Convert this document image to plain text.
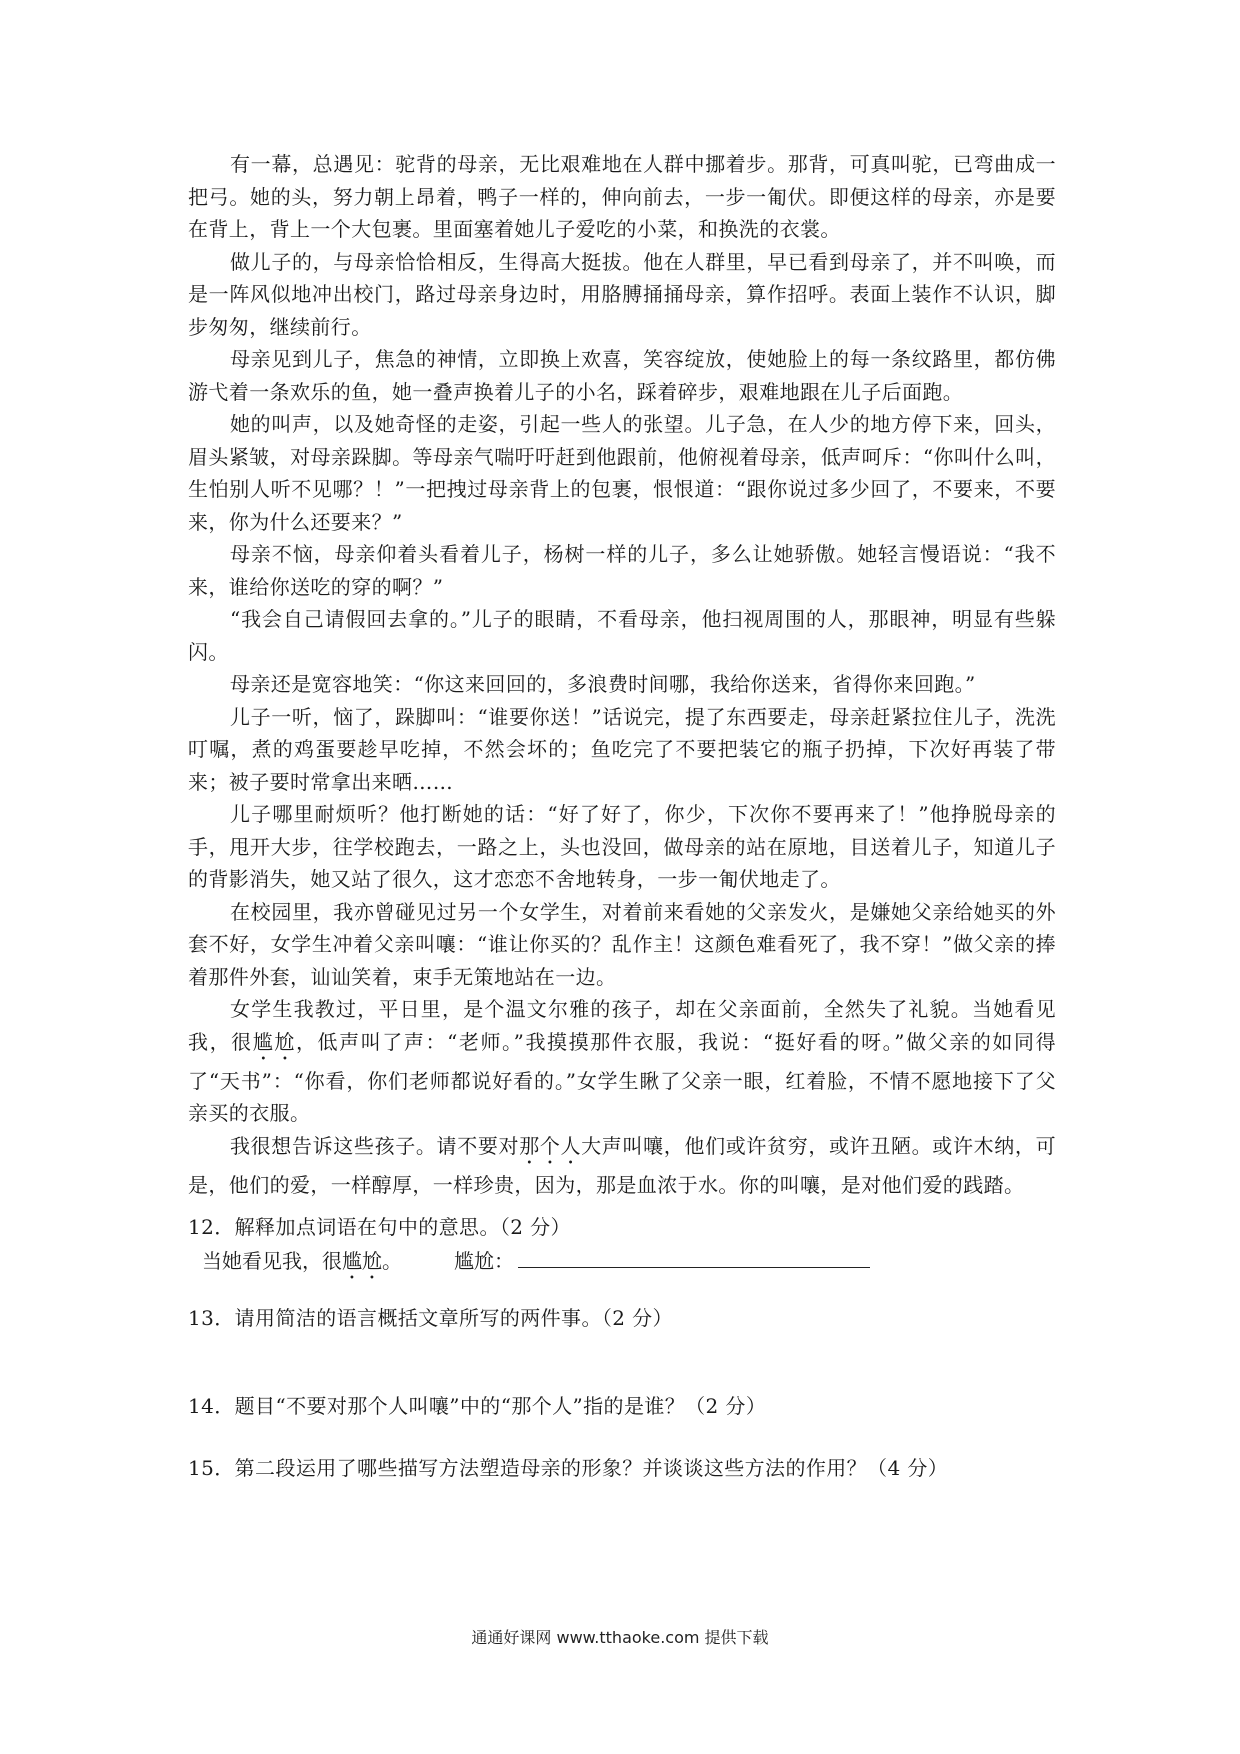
有一幕，总遇见：驼背的母亲，无比艰难地在人群中挪着步。那背，可真叫驼，已弯曲成一把弓。她的头，努力朝上昂着，鸭子一样的，伸向前去，一步一匍伏。即便这样的母亲，亦是要在背上，背上一个大包裹。里面塞着她儿子爱吃的小菜，和换洗的衣裳。

做儿子的，与母亲恰恰相反，生得高大挺拔。他在人群里，早已看到母亲了，并不叫唤，而是一阵风似地冲出校门，路过母亲身边时，用胳膊捅捅母亲，算作招呼。表面上装作不认识，脚步匆匆，继续前行。

母亲见到儿子，焦急的神情，立即换上欢喜，笑容绽放，使她脸上的每一条纹路里，都仿佛游弋着一条欢乐的鱼，她一叠声换着儿子的小名，踩着碎步，艰难地跟在儿子后面跑。

她的叫声，以及她奇怪的走姿，引起一些人的张望。儿子急，在人少的地方停下来，回头，眉头紧皱，对母亲跺脚。等母亲气喘吁吁赶到他跟前，他俯视着母亲，低声呵斥：“你叫什么叫，生怕别人听不见哪？！”一把拽过母亲背上的包裹，恨恨道：“跟你说过多少回了，不要来，不要来，你为什么还要来？”

母亲不恼，母亲仰着头看着儿子，杨树一样的儿子，多么让她骄傲。她轻言慢语说：“我不来，谁给你送吃的穿的啊？”

“我会自己请假回去拿的。”儿子的眼睛，不看母亲，他扫视周围的人，那眼神，明显有些躲闪。

母亲还是宽容地笑：“你这来回回的，多浪费时间哪，我给你送来，省得你来回跑。”

儿子一听，恼了，跺脚叫：“谁要你送！”话说完，提了东西要走，母亲赶紧拉住儿子，洗洗叮嘱，煮的鸡蛋要趁早吃掉，不然会坏的；鱼吃完了不要把装它的瓶子扔掉，下次好再装了带来；被子要时常拿出来晒……

儿子哪里耐烦听？他打断她的话：“好了好了，你少，下次你不要再来了！”他挣脱母亲的手，甩开大步，往学校跑去，一路之上，头也没回，做母亲的站在原地，目送着儿子，知道儿子的背影消失，她又站了很久，这才恋恋不舍地转身，一步一匍伏地走了。

在校园里，我亦曾碰见过另一个女学生，对着前来看她的父亲发火，是嫌她父亲给她买的外套不好，女学生冲着父亲叫嚷：“谁让你买的？乱作主！这颜色难看死了，我不穿！”做父亲的捧着那件外套，讪讪笑着，束手无策地站在一边。

女学生我教过，平日里，是个温文尔雅的孩子，却在父亲面前，全然失了礼貌。当她看见我，很尴尬，低声叫了声：“老师。”我摸摸那件衣服，我说：“挺好看的呀。”做父亲的如同得了“天书”：“你看，你们老师都说好看的。”女学生瞅了父亲一眼，红着脸，不情不愿地接下了父亲买的衣服。

我很想告诉这些孩子。请不要对那个人大声叫嚷，他们或许贫穷，或许丑陋。或许木纳，可是，他们的爱，一样醇厚，一样珍贵，因为，那是血浓于水。你的叫嚷，是对他们爱的践踏。

12．解释加点词语在句中的意思。（2 分）

当她看见我，很 尴尬 。	尴尬：

13．请用简洁的语言概括文章所写的两件事。（2 分）

14．题目“不要对那个人叫嚷”中的“那个人”指的是谁？（2 分）

15．第二段运用了哪些描写方法塑造母亲的形象？并谈谈这些方法的作用？（4 分）

通通好课网 www.tthaoke.com 提供下载
